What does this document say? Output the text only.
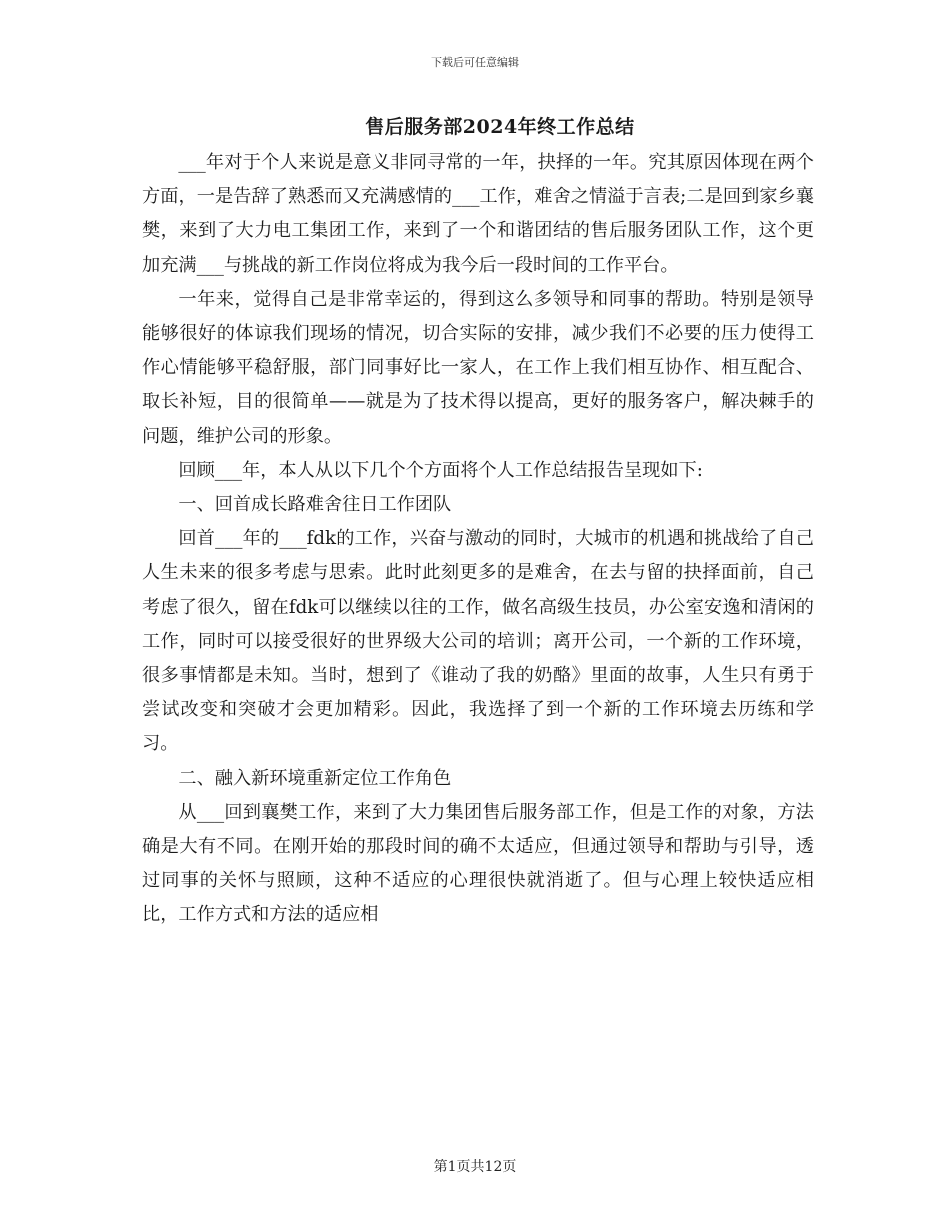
下载后可任意编辑
售后服务部2024年终工作总结

___年对于个人来说是意义非同寻常的一年，抉择的一年。究其原因体现在两个方面，一是告辞了熟悉而又充满感情的___工作，难舍之情溢于言表;二是回到家乡襄樊，来到了大力电工集团工作，来到了一个和谐团结的售后服务团队工作，这个更加充满___与挑战的新工作岗位将成为我今后一段时间的工作平台。

一年来，觉得自己是非常幸运的，得到这么多领导和同事的帮助。特别是领导能够很好的体谅我们现场的情况，切合实际的安排，减少我们不必要的压力使得工作心情能够平稳舒服，部门同事好比一家人，在工作上我们相互协作、相互配合、取长补短，目的很简单——就是为了技术得以提高，更好的服务客户，解决棘手的问题，维护公司的形象。

回顾___年，本人从以下几个个方面将个人工作总结报告呈现如下:

一、回首成长路难舍往日工作团队

回首___年的___fdk的工作，兴奋与激动的同时，大城市的机遇和挑战给了自己人生未来的很多考虑与思索。此时此刻更多的是难舍，在去与留的抉择面前，自己考虑了很久，留在fdk可以继续以往的工作，做名高级生技员，办公室安逸和清闲的工作，同时可以接受很好的世界级大公司的培训；离开公司，一个新的工作环境，很多事情都是未知。当时，想到了《谁动了我的奶酪》里面的故事，人生只有勇于尝试改变和突破才会更加精彩。因此，我选择了到一个新的工作环境去历练和学习。

二、融入新环境重新定位工作角色

从___回到襄樊工作，来到了大力集团售后服务部工作，但是工作的对象，方法确是大有不同。在刚开始的那段时间的确不太适应，但通过领导和帮助与引导，透过同事的关怀与照顾，这种不适应的心理很快就消逝了。但与心理上较快适应相比，工作方式和方法的适应相

第1页共12页
